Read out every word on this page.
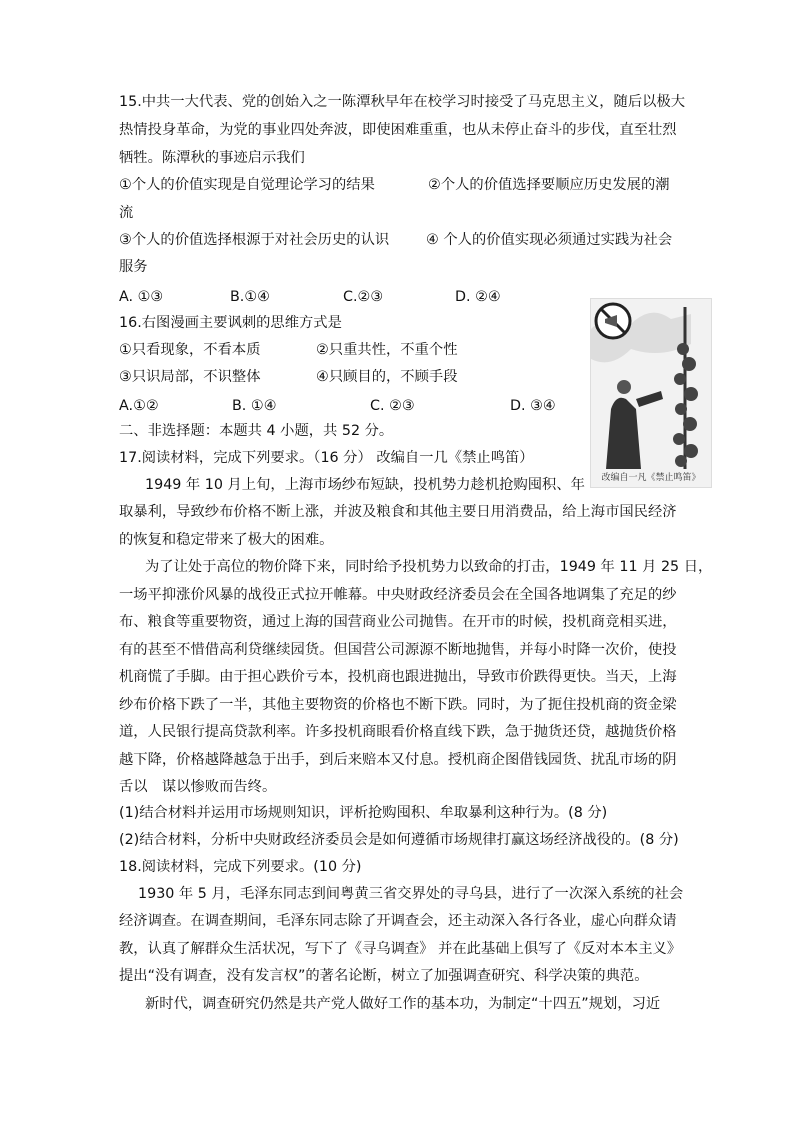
15.中共一大代表、党的创始入之一陈潭秋早年在校学习时接受了马克思主义，随后以极大
热情投身革命，为党的事业四处奔波，即使困难重重，也从未停止奋斗的步伐，直至壮烈
牺牲。陈潭秋的事迹启示我们
①个人的价值实现是自觉理论学习的结果	②个人的价值选择要顺应历史发展的潮
流
③个人的价值选择根源于对社会历史的认识	④ 个人的价值实现必须通过实践为社会
服务
A. ①③	B.①④	C.②③	D. ②④
16.右图漫画主要讽刺的思维方式是
①只看现象，不看本质	②只重共性，不重个性
③只识局部，不识整体	④只顾目的，不顾手段
A.①②	B. ①④	C. ②③	D. ③④
改编自一凡《禁止鸣笛》
二、非选择题：本题共 4 小题，共 52 分。
17.阅读材料，完成下列要求。（16 分） 改编自一几《禁止鸣笛）
1949 年 10 月上旬，上海市场纱布短缺，投机势力趁机抢购囤积、年
取暴利，导致纱布价格不断上涨，并波及粮食和其他主要日用消费品，给上海市国民经济
的恢复和稳定带来了极大的困难。
为了让处于高位的物价降下来，同时给予投机势力以致命的打击，1949 年 11 月 25 日，
一场平抑涨价风暴的战役正式拉开帷幕。中央财政经济委员会在全国各地调集了充足的纱
布、粮食等重要物资，通过上海的国营商业公司抛售。在开市的时候，投机商竞相买进，
有的甚至不惜借高利贷继续园货。但国营公司源源不断地抛售，并每小时降一次价，使投
机商慌了手脚。由于担心跌价亏本，投机商也跟进抛出，导致市价跌得更快。当天，上海
纱布价格下跌了一半，其他主要物资的价格也不断下跌。同时，为了扼住投机商的资金梁
道，人民银行提高贷款利率。许多投机商眼看价格直线下跌，急于抛货还贷，越抛货价格
越下降，价格越降越急于出手，到后来赔本又付息。授机商企图借钱园货、扰乱市场的阴
舌以　谋以惨败而告终。
(1)结合材料并运用市场规则知识，评析抢购囤积、牟取暴利这种行为。(8 分)
(2)结合材料，分析中央财政经济委员会是如何遵循市场规律打赢这场经济战役的。(8 分)
18.阅读材料，完成下列要求。(10 分)
1930 年 5 月，毛泽东同志到间粤黄三省交界处的寻乌县，进行了一次深入系统的社会
经济调查。在调查期间，毛泽东同志除了开调查会，还主动深入各行各业，虚心向群众请
教，认真了解群众生活状况，写下了《寻乌调查》 并在此基础上俱写了《反对本本主义》
提出“没有调查，没有发言权”的著名论断，树立了加强调查研究、科学决策的典范。
新时代，调查研究仍然是共产党人做好工作的基本功，为制定“十四五”规划，习近
